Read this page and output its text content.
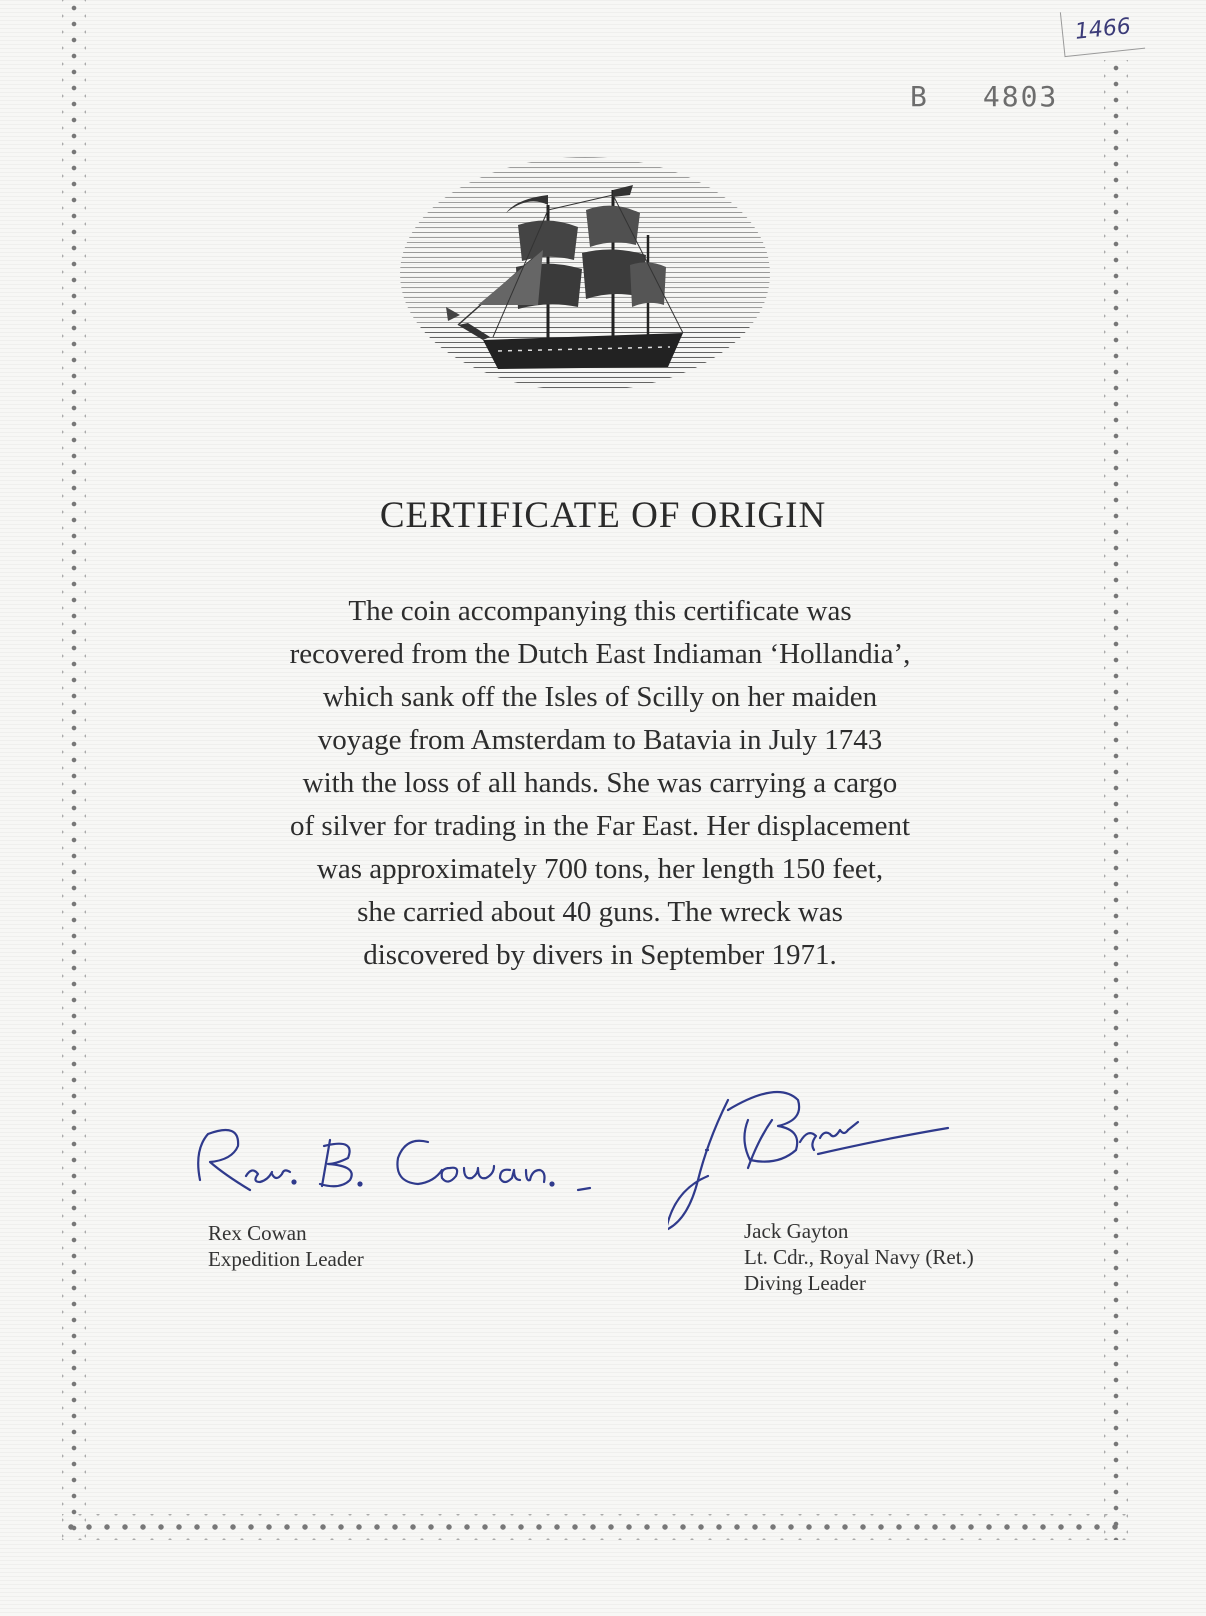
1466
B 4803
CERTIFICATE OF ORIGIN
The coin accompanying this certificate was
recovered from the Dutch East Indiaman ‘Hollandia’,
which sank off the Isles of Scilly on her maiden
voyage from Amsterdam to Batavia in July 1743
with the loss of all hands. She was carrying a cargo
of silver for trading in the Far East. Her displacement
was approximately 700 tons, her length 150 feet,
she carried about 40 guns. The wreck was
discovered by divers in September 1971.
Rex Cowan
Expedition Leader
Jack Gayton
Lt. Cdr., Royal Navy (Ret.)
Diving Leader
